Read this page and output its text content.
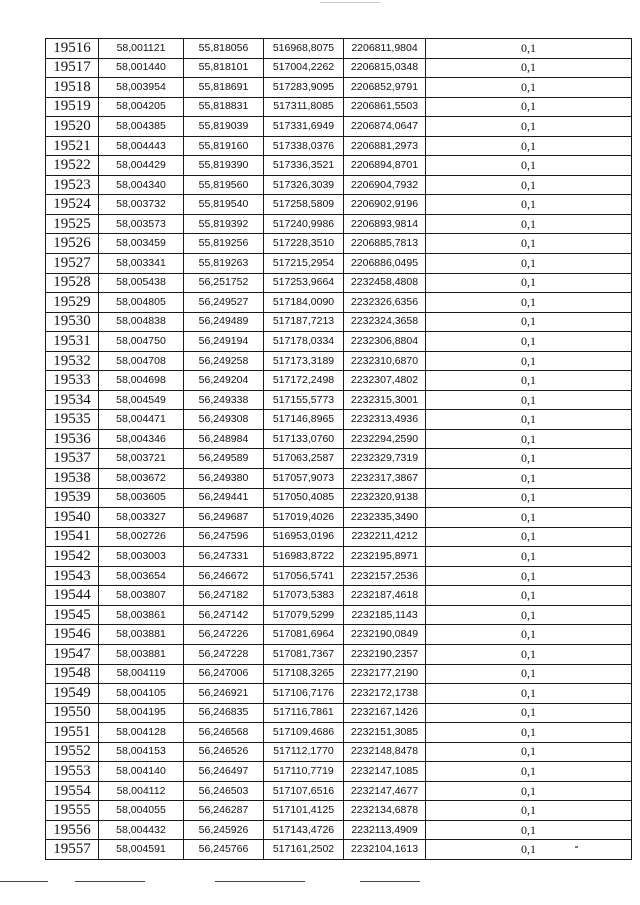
19516	58,001121	55,818056	516968,8075	2206811,9804	0,1
19517	58,001440	55,818101	517004,2262	2206815,0348	0,1
19518	58,003954	55,818691	517283,9095	2206852,9791	0,1
19519	58,004205	55,818831	517311,8085	2206861,5503	0,1
19520	58,004385	55,819039	517331,6949	2206874,0647	0,1
19521	58,004443	55,819160	517338,0376	2206881,2973	0,1
19522	58,004429	55,819390	517336,3521	2206894,8701	0,1
19523	58,004340	55,819560	517326,3039	2206904,7932	0,1
19524	58,003732	55,819540	517258,5809	2206902,9196	0,1
19525	58,003573	55,819392	517240,9986	2206893,9814	0,1
19526	58,003459	55,819256	517228,3510	2206885,7813	0,1
19527	58,003341	55,819263	517215,2954	2206886,0495	0,1
19528	58,005438	56,251752	517253,9664	2232458,4808	0,1
19529	58,004805	56,249527	517184,0090	2232326,6356	0,1
19530	58,004838	56,249489	517187,7213	2232324,3658	0,1
19531	58,004750	56,249194	517178,0334	2232306,8804	0,1
19532	58,004708	56,249258	517173,3189	2232310,6870	0,1
19533	58,004698	56,249204	517172,2498	2232307,4802	0,1
19534	58,004549	56,249338	517155,5773	2232315,3001	0,1
19535	58,004471	56,249308	517146,8965	2232313,4936	0,1
19536	58,004346	56,248984	517133,0760	2232294,2590	0,1
19537	58,003721	56,249589	517063,2587	2232329,7319	0,1
19538	58,003672	56,249380	517057,9073	2232317,3867	0,1
19539	58,003605	56,249441	517050,4085	2232320,9138	0,1
19540	58,003327	56,249687	517019,4026	2232335,3490	0,1
19541	58,002726	56,247596	516953,0196	2232211,4212	0,1
19542	58,003003	56,247331	516983,8722	2232195,8971	0,1
19543	58,003654	56,246672	517056,5741	2232157,2536	0,1
19544	58,003807	56,247182	517073,5383	2232187,4618	0,1
19545	58,003861	56,247142	517079,5299	2232185,1143	0,1
19546	58,003881	56,247226	517081,6964	2232190,0849	0,1
19547	58,003881	56,247228	517081,7367	2232190,2357	0,1
19548	58,004119	56,247006	517108,3265	2232177,2190	0,1
19549	58,004105	56,246921	517106,7176	2232172,1738	0,1
19550	58,004195	56,246835	517116,7861	2232167,1426	0,1
19551	58,004128	56,246568	517109,4686	2232151,3085	0,1
19552	58,004153	56,246526	517112,1770	2232148,8478	0,1
19553	58,004140	56,246497	517110,7719	2232147,1085	0,1
19554	58,004112	56,246503	517107,6516	2232147,4677	0,1
19555	58,004055	56,246287	517101,4125	2232134,6878	0,1
19556	58,004432	56,245926	517143,4726	2232113,4909	0,1
19557	58,004591	56,245766	517161,2502	2232104,1613	0,1
